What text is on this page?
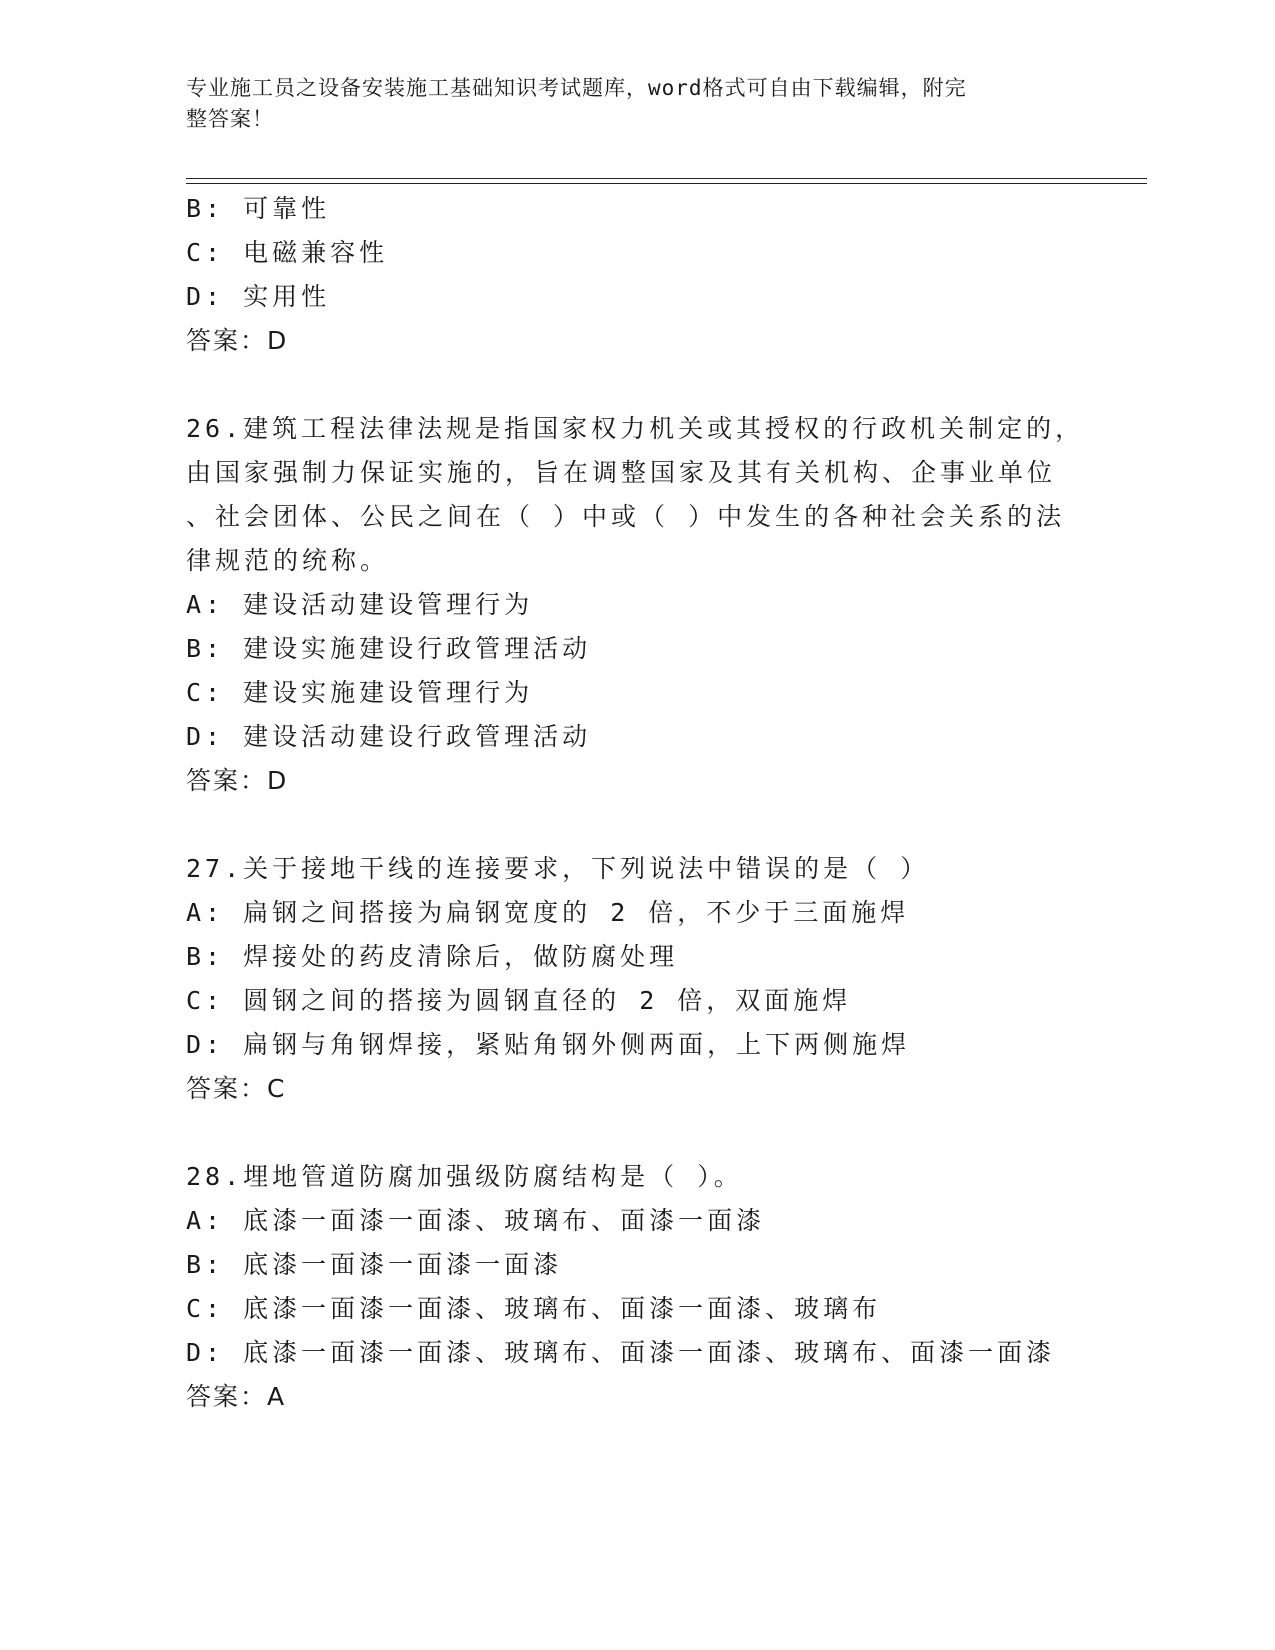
专业施工员之设备安装施工基础知识考试题库，word格式可自由下载编辑，附完
整答案！
B: 可靠性
C: 电磁兼容性
D: 实用性
答案：D
26.建筑工程法律法规是指国家权力机关或其授权的行政机关制定的，
由国家强制力保证实施的，旨在调整国家及其有关机构、企事业单位
、社会团体、公民之间在（ ）中或（ ）中发生的各种社会关系的法
律规范的统称。
A: 建设活动建设管理行为
B: 建设实施建设行政管理活动
C: 建设实施建设管理行为
D: 建设活动建设行政管理活动
答案：D
27.关于接地干线的连接要求，下列说法中错误的是（ ）
A: 扁钢之间搭接为扁钢宽度的 2 倍，不少于三面施焊
B: 焊接处的药皮清除后，做防腐处理
C: 圆钢之间的搭接为圆钢直径的 2 倍，双面施焊
D: 扁钢与角钢焊接，紧贴角钢外侧两面，上下两侧施焊
答案：C
28.埋地管道防腐加强级防腐结构是（ ）。
A: 底漆一面漆一面漆、玻璃布、面漆一面漆
B: 底漆一面漆一面漆一面漆
C: 底漆一面漆一面漆、玻璃布、面漆一面漆、玻璃布
D: 底漆一面漆一面漆、玻璃布、面漆一面漆、玻璃布、面漆一面漆
答案：A
